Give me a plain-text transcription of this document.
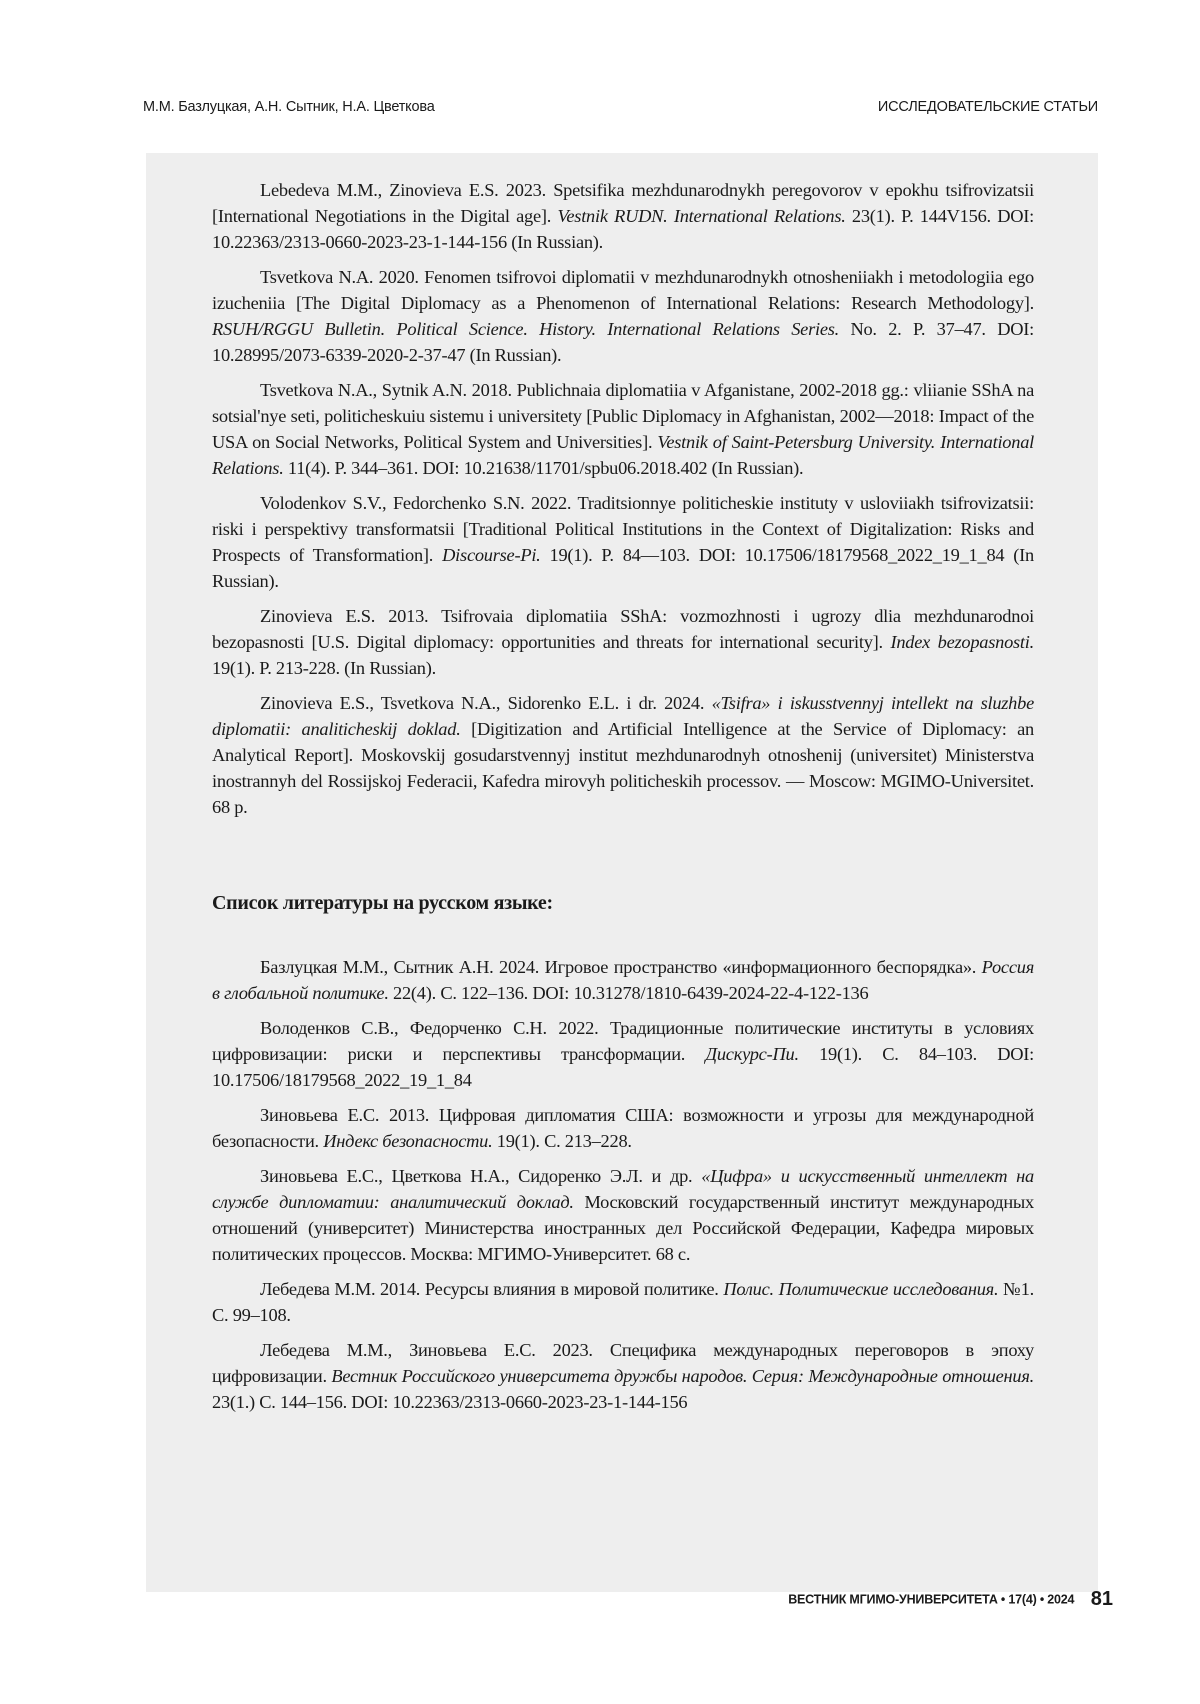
М.М. Базлуцкая, А.Н. Сытник, Н.А. Цветкова	ИССЛЕДОВАТЕЛЬСКИЕ СТАТЬИ

Lebedeva M.M., Zinovieva E.S. 2023. Spetsifika mezhdunarodnykh peregovorov v epokhu tsifrovizatsii [International Negotiations in the Digital age]. Vestnik RUDN. International Relations. 23(1). P. 144V156. DOI: 10.22363/2313-0660-2023-23-1-144-156 (In Russian).

Tsvetkova N.A. 2020. Fenomen tsifrovoi diplomatii v mezhdunarodnykh otnosheniiakh i metodologiia ego izucheniia [The Digital Diplomacy as a Phenomenon of International Relations: Research Methodology]. RSUH/RGGU Bulletin. Political Science. History. International Relations Series. No. 2. P. 37–47. DOI: 10.28995/2073-6339-2020-2-37-47 (In Russian).

Tsvetkova N.A., Sytnik A.N. 2018. Publichnaia diplomatiia v Afganistane, 2002-2018 gg.: vliianie SShA na sotsial'nye seti, politicheskuiu sistemu i universitety [Public Diplomacy in Afghanistan, 2002—2018: Impact of the USA on Social Networks, Political System and Universities]. Vestnik of Saint-Petersburg University. International Relations. 11(4). P. 344–361. DOI: 10.21638/11701/spbu06.2018.402 (In Russian).

Volodenkov S.V., Fedorchenko S.N. 2022. Traditsionnye politicheskie instituty v usloviiakh tsifrovizatsii: riski i perspektivy transformatsii [Traditional Political Institutions in the Context of Digitalization: Risks and Prospects of Transformation]. Discourse-Pi. 19(1). P. 84—103. DOI: 10.17506/18179568_2022_19_1_84 (In Russian).

Zinovieva E.S. 2013. Tsifrovaia diplomatiia SShA: vozmozhnosti i ugrozy dlia mezhdunarodnoi bezopasnosti [U.S. Digital diplomacy: opportunities and threats for international security]. Index bezopasnosti. 19(1). P. 213-228. (In Russian).

Zinovieva E.S., Tsvetkova N.A., Sidorenko E.L. i dr. 2024. «Tsifra» i iskusstvennyj intellekt na sluzhbe diplomatii: analiticheskij doklad. [Digitization and Artificial Intelligence at the Service of Diplomacy: an Analytical Report]. Moskovskij gosudarstvennyj institut mezhdunarodnyh otnoshenij (universitet) Ministerstva inostrannyh del Rossijskoj Federacii, Kafedra mirovyh politicheskih processov. — Moscow: MGIMO-Universitet. 68 p.

Список литературы на русском языке:

Базлуцкая М.М., Сытник А.Н. 2024. Игровое пространство «информационного беспорядка». Россия в глобальной политике. 22(4). С. 122–136. DOI: 10.31278/1810-6439-2024-22-4-122-136

Володенков С.В., Федорченко С.Н. 2022. Традиционные политические институты в условиях цифровизации: риски и перспективы трансформации. Дискурс-Пи. 19(1). С. 84–103. DOI: 10.17506/18179568_2022_19_1_84

Зиновьева Е.С. 2013. Цифровая дипломатия США: возможности и угрозы для международной безопасности. Индекс безопасности. 19(1). С. 213–228.

Зиновьева Е.С., Цветкова Н.А., Сидоренко Э.Л. и др. «Цифра» и искусственный интеллект на службе дипломатии: аналитический доклад. Московский государственный институт международных отношений (университет) Министерства иностранных дел Российской Федерации, Кафедра мировых политических процессов. Москва: МГИМО-Университет. 68 с.

Лебедева М.М. 2014. Ресурсы влияния в мировой политике. Полис. Политические исследования. №1. С. 99–108.

Лебедева М.М., Зиновьева Е.С. 2023. Специфика международных переговоров в эпоху цифровизации. Вестник Российского университета дружбы народов. Серия: Международные отношения. 23(1.) С. 144–156. DOI: 10.22363/2313-0660-2023-23-1-144-156

ВЕСТНИК МГИМО-УНИВЕРСИТЕТА • 17(4) • 2024 81
